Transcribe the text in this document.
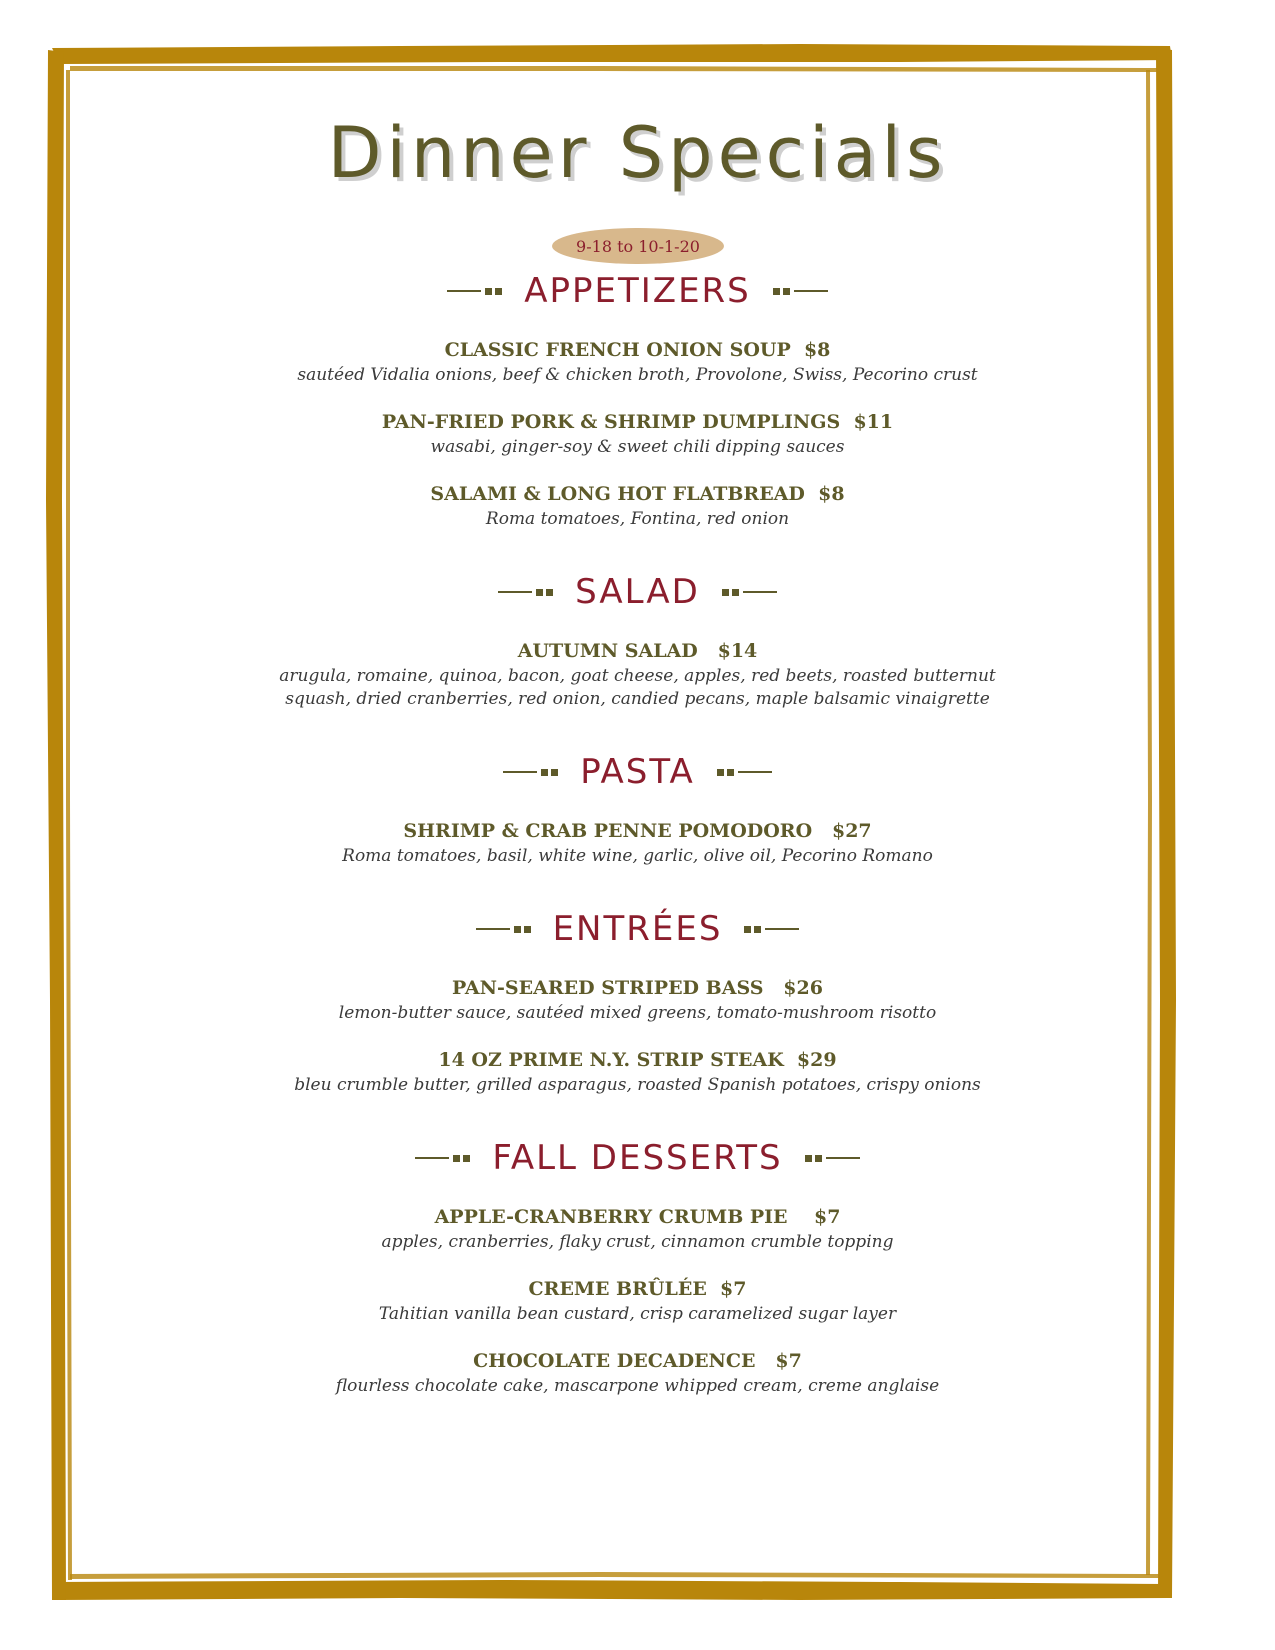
Dinner Specials
9-18 to 10-1-20
APPETIZERS
CLASSIC FRENCH ONION SOUP  $8
sautéed Vidalia onions, beef & chicken broth, Provolone, Swiss, Pecorino crust
PAN-FRIED PORK & SHRIMP DUMPLINGS  $11
wasabi, ginger-soy & sweet chili dipping sauces
SALAMI & LONG HOT FLATBREAD  $8
Roma tomatoes, Fontina, red onion
SALAD
AUTUMN SALAD   $14
arugula, romaine, quinoa, bacon, goat cheese, apples, red beets, roasted butternut
squash, dried cranberries, red onion, candied pecans, maple balsamic vinaigrette
PASTA
SHRIMP & CRAB PENNE POMODORO   $27
Roma tomatoes, basil, white wine, garlic, olive oil, Pecorino Romano
ENTRÉES
PAN-SEARED STRIPED BASS   $26
lemon-butter sauce, sautéed mixed greens, tomato-mushroom risotto
14 OZ PRIME N.Y. STRIP STEAK  $29
bleu crumble butter, grilled asparagus, roasted Spanish potatoes, crispy onions
FALL DESSERTS
APPLE-CRANBERRY CRUMB PIE    $7
apples, cranberries, flaky crust, cinnamon crumble topping
CREME BRÛLÉE  $7
Tahitian vanilla bean custard, crisp caramelized sugar layer
CHOCOLATE DECADENCE   $7
flourless chocolate cake, mascarpone whipped cream, creme anglaise
